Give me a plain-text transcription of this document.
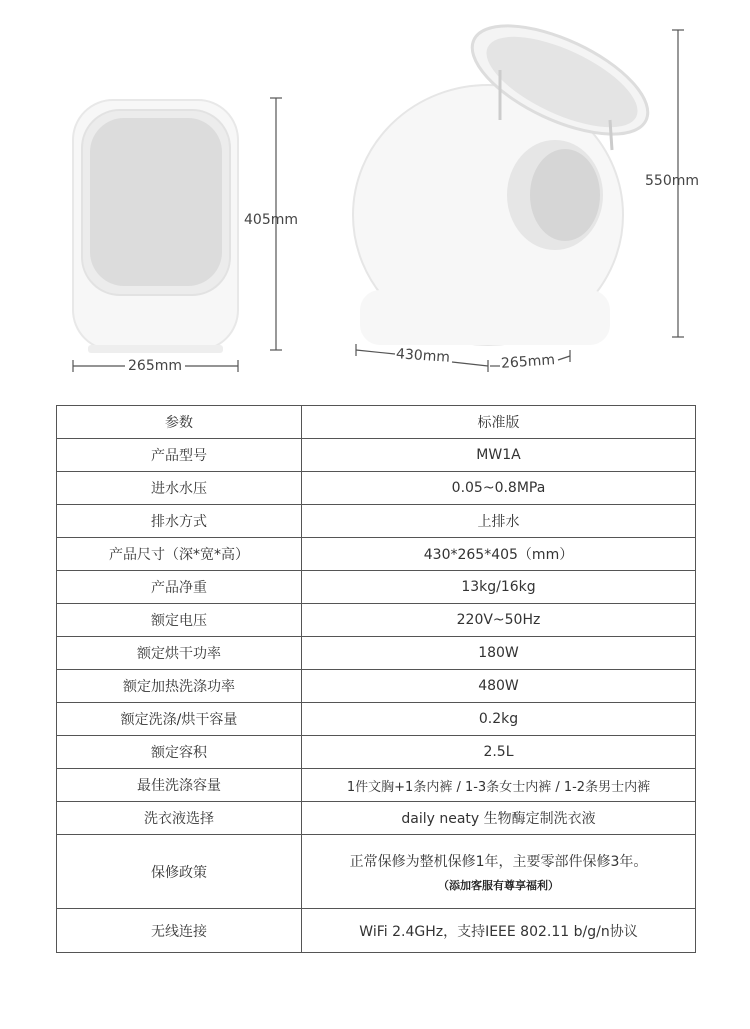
405mm
265mm
550mm
430mm	265mm
参数	标准版
产品型号	MW1A
进水水压	0.05~0.8MPa
排水方式	上排水
产品尺寸（深*宽*高）	430*265*405（mm）
产品净重	13kg/16kg
额定电压	220V~50Hz
额定烘干功率	180W
额定加热洗涤功率	480W
额定洗涤/烘干容量	0.2kg
额定容积	2.5L
最佳洗涤容量	1件文胸+1条内裤 / 1-3条女士内裤 / 1-2条男士内裤
洗衣液选择	daily neaty 生物酶定制洗衣液
保修政策	正常保修为整机保修1年，主要零部件保修3年。
（添加客服有尊享福利）

无线连接	WiFi 2.4GHz，支持IEEE 802.11 b/g/n协议
